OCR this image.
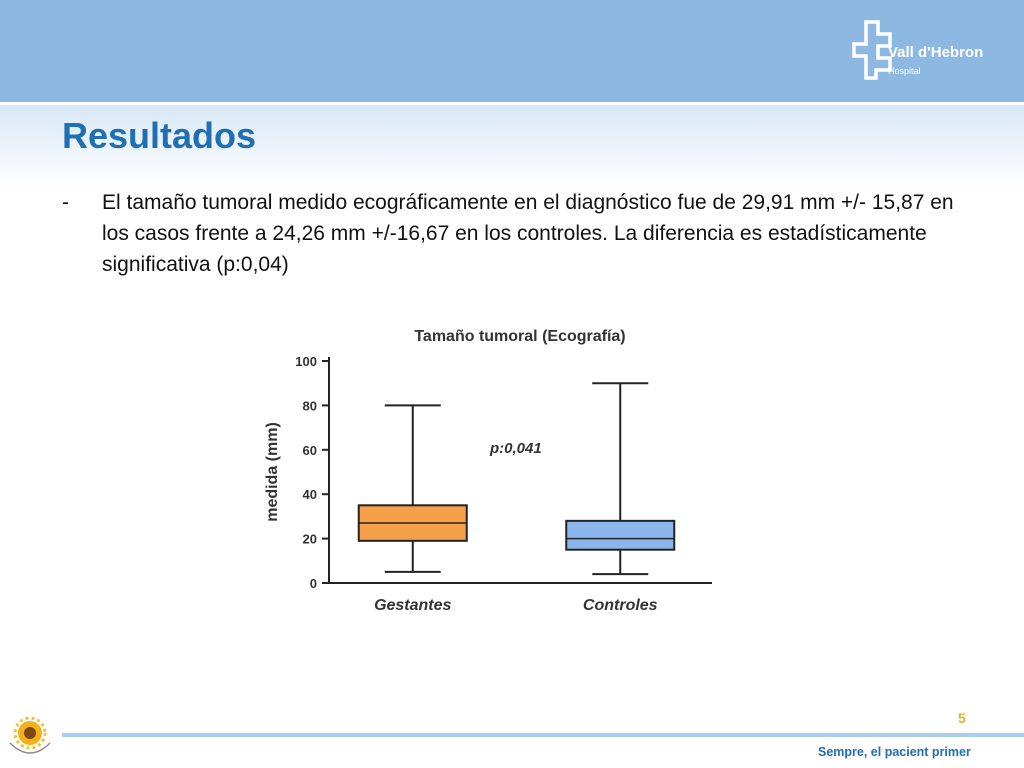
Vall d'Hebron
Hospital
Resultados
- El tamaño tumoral medido ecográficamente en el diagnóstico fue de 29,91 mm +/- 15,87 en los casos frente a 24,26 mm +/-16,67 en los controles. La diferencia es estadísticamente significativa (p:0,04)
Tamaño tumoral (Ecografía)
medida (mm)	p:0,041
0
20
40
60
80
100
Gestantes	Controles
5
Sempre, el pacient primer
